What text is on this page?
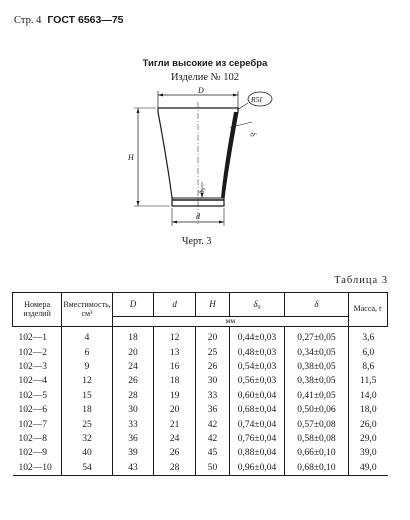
Стр. 4 ГОСТ 6563—75
Тигли высокие из серебра
Изделие № 102
D
H
d
δ₀
δ
R5I
Черт. 3
Таблица 3
Номера изделий	Вместимость, см³	D	d	H	δ₀	δ	Масса, г
		мм					
102—1	4	18	12	20	0,44±0,03	0,27±0,05	3,6
102—2	6	20	13	25	0,48±0,03	0,34±0,05	6,0
102—3	9	24	16	26	0,54±0,03	0,38±0,05	8,6
102—4	12	26	18	30	0,56±0,03	0,38±0,05	11,5
102—5	15	28	19	33	0,60±0,04	0,41±0,05	14,0
102—6	18	30	20	36	0,68±0,04	0,50±0,06	18,0
102—7	25	33	21	42	0,74±0,04	0,57±0,08	26,0
102—8	32	36	24	42	0,76±0,04	0,58±0,08	29,0
102—9	40	39	26	45	0,88±0,04	0,66±0,10	39,0
102—10	54	43	28	50	0,96±0,04	0,68±0,10	49,0
